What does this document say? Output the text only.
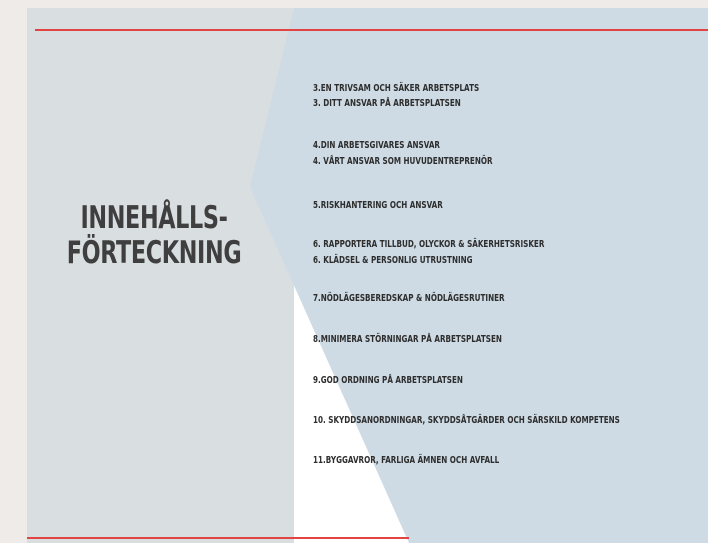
INNEHÅLLS-
FÖRTECKNING

3.EN TRIVSAM OCH SÄKER ARBETSPLATS

3. DITT ANSVAR PÅ ARBETSPLATSEN

4.DIN ARBETSGIVARES ANSVAR

4. VÅRT ANSVAR SOM HUVUDENTREPRENÖR

5.RISKHANTERING OCH ANSVAR

6. RAPPORTERA TILLBUD, OLYCKOR & SÄKERHETSRISKER

6. KLÄDSEL & PERSONLIG UTRUSTNING

7.NÖDLÄGESBEREDSKAP & NÖDLÄGESRUTINER

8.MINIMERA STÖRNINGAR PÅ ARBETSPLATSEN

9.GOD ORDNING PÅ ARBETSPLATSEN

10. SKYDDSANORDNINGAR, SKYDDSÅTGÄRDER OCH SÄRSKILD KOMPETENS

11.BYGGAVROR, FARLIGA ÄMNEN OCH AVFALL
